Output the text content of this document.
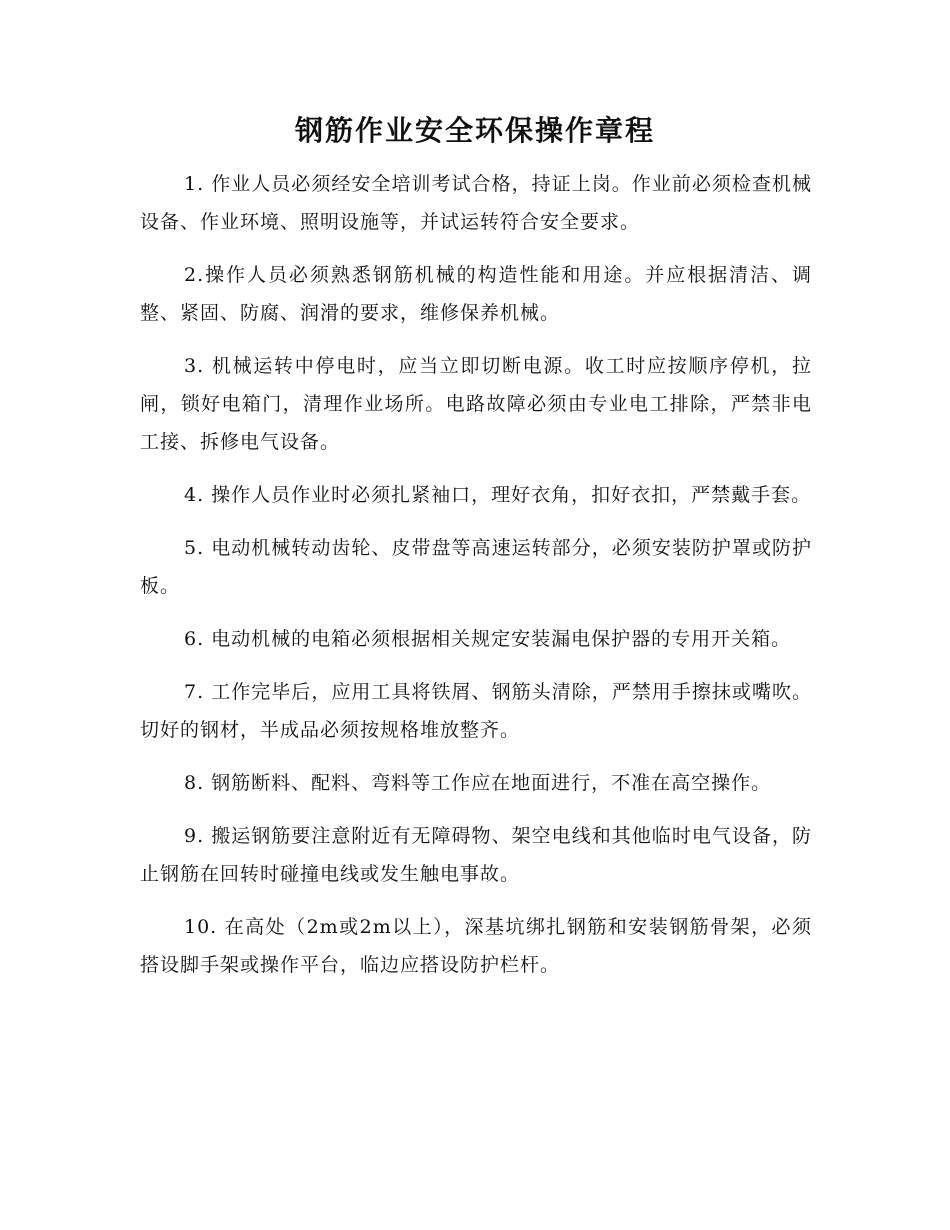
钢筋作业安全环保操作章程

1. 作业人员必须经安全培训考试合格，持证上岗。作业前必须检查机械设备、作业环境、照明设施等，并试运转符合安全要求。

2.操作人员必须熟悉钢筋机械的构造性能和用途。并应根据清洁、调整、紧固、防腐、润滑的要求，维修保养机械。

3. 机械运转中停电时，应当立即切断电源。收工时应按顺序停机，拉闸，锁好电箱门，清理作业场所。电路故障必须由专业电工排除，严禁非电工接、拆修电气设备。

4. 操作人员作业时必须扎紧袖口，理好衣角，扣好衣扣，严禁戴手套。

5. 电动机械转动齿轮、皮带盘等高速运转部分，必须安装防护罩或防护板。

6. 电动机械的电箱必须根据相关规定安装漏电保护器的专用开关箱。

7. 工作完毕后，应用工具将铁屑、钢筋头清除，严禁用手擦抹或嘴吹。切好的钢材，半成品必须按规格堆放整齐。

8. 钢筋断料、配料、弯料等工作应在地面进行，不准在高空操作。

9. 搬运钢筋要注意附近有无障碍物、架空电线和其他临时电气设备，防止钢筋在回转时碰撞电线或发生触电事故。

10. 在高处（2m或2m以上），深基坑绑扎钢筋和安装钢筋骨架，必须搭设脚手架或操作平台，临边应搭设防护栏杆。
